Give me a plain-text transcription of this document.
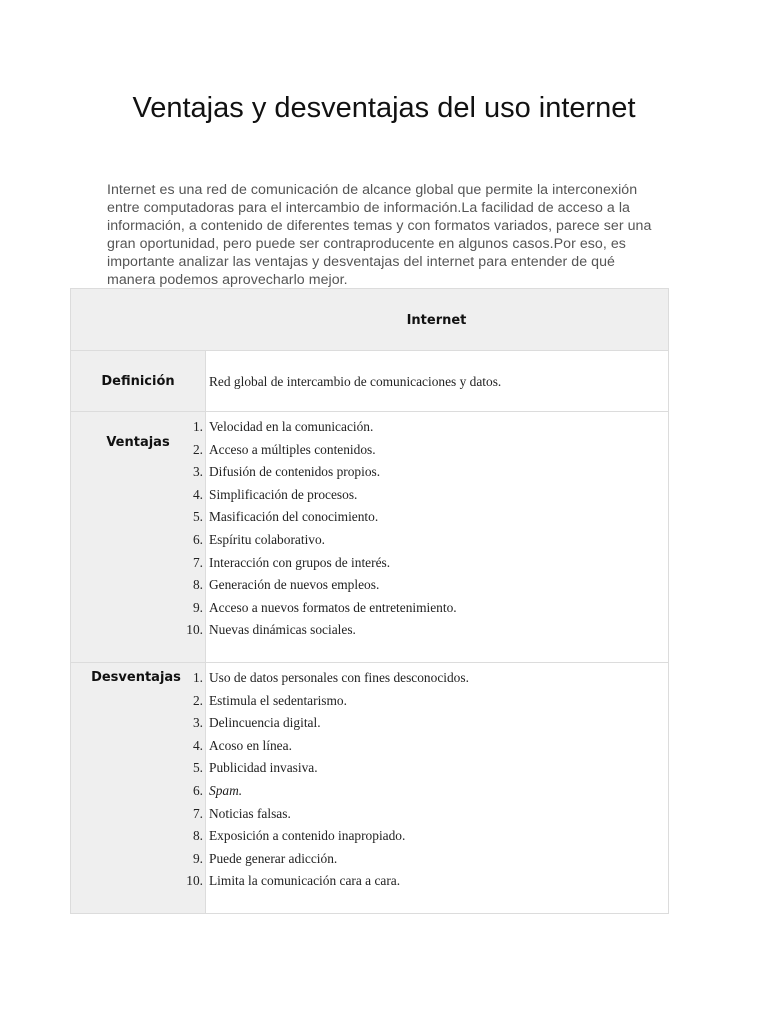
Ventajas y desventajas del uso internet

Internet es una red de comunicación de alcance global que permite la interconexión entre computadoras para el intercambio de información.La facilidad de acceso a la información, a contenido de diferentes temas y con formatos variados, parece ser una gran oportunidad, pero puede ser contraproducente en algunos casos.Por eso, es importante analizar las ventajas y desventajas del internet para entender de qué manera podemos aprovecharlo mejor.

Internet
Definición	Red global de intercambio de comunicaciones y datos.
Ventajas
1. Velocidad en la comunicación.
2. Acceso a múltiples contenidos.
3. Difusión de contenidos propios.
4. Simplificación de procesos.
5. Masificación del conocimiento.
6. Espíritu colaborativo.
7. Interacción con grupos de interés.
8. Generación de nuevos empleos.
9. Acceso a nuevos formatos de entretenimiento.
10. Nuevas dinámicas sociales.
Desventajas 1. Uso de datos personales con fines desconocidos.
2. Estimula el sedentarismo.
3. Delincuencia digital.
4. Acoso en línea.
5. Publicidad invasiva.
6. Spam.
7. Noticias falsas.
8. Exposición a contenido inapropiado.
9. Puede generar adicción.
10. Limita la comunicación cara a cara.
